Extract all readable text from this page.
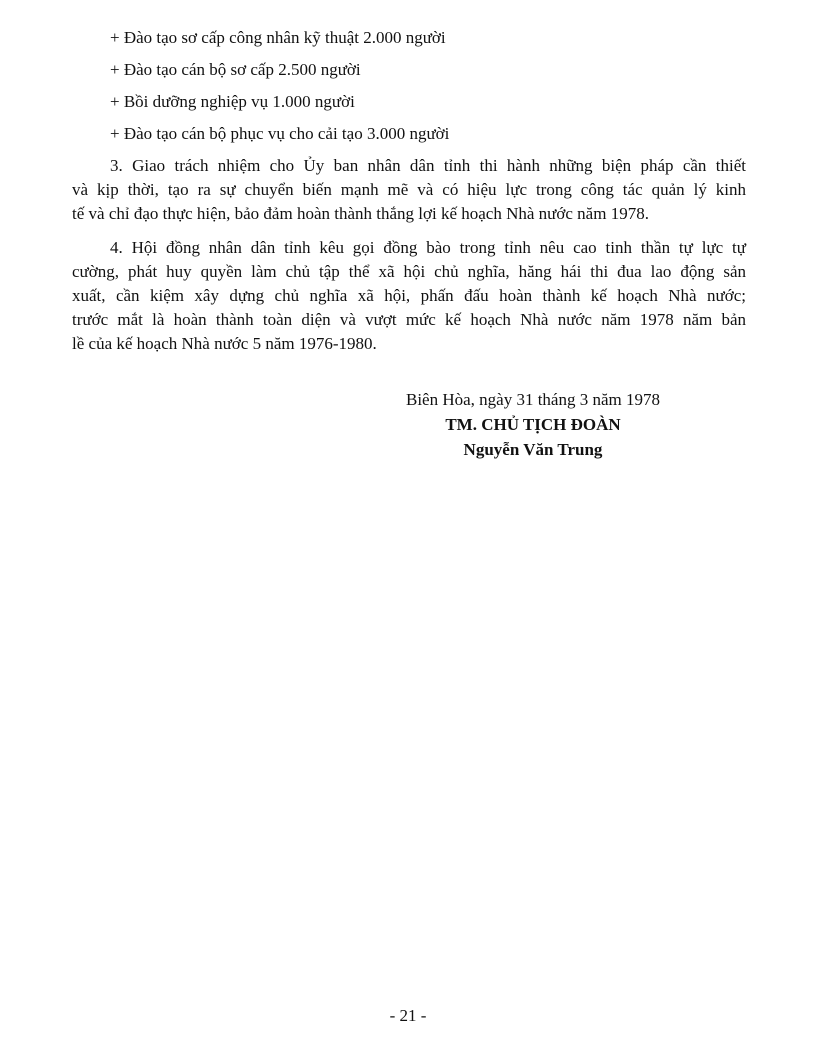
+ Đào tạo sơ cấp công nhân kỹ thuật 2.000 người
+ Đào tạo cán bộ sơ cấp 2.500 người
+ Bồi dưỡng nghiệp vụ 1.000 người
+ Đào tạo cán bộ phục vụ cho cải tạo 3.000 người
3. Giao trách nhiệm cho Ủy ban nhân dân tỉnh thi hành những biện pháp cần thiết
và kịp thời, tạo ra sự chuyển biến mạnh mẽ và có hiệu lực trong công tác quản lý kinh
tế và chỉ đạo thực hiện, bảo đảm hoàn thành thắng lợi kế hoạch Nhà nước năm 1978.
4. Hội đồng nhân dân tỉnh kêu gọi đồng bào trong tỉnh nêu cao tinh thần tự lực tự
cường, phát huy quyền làm chủ tập thể xã hội chủ nghĩa, hăng hái thi đua lao động sản
xuất, cần kiệm xây dựng chủ nghĩa xã hội, phấn đấu hoàn thành kế hoạch Nhà nước;
trước mắt là hoàn thành toàn diện và vượt mức kế hoạch Nhà nước năm 1978 năm bản
lề của kế hoạch Nhà nước 5 năm 1976-1980.
Biên Hòa, ngày 31 tháng 3 năm 1978
TM. CHỦ TỊCH ĐOÀN
Nguyễn Văn Trung
- 21 -
